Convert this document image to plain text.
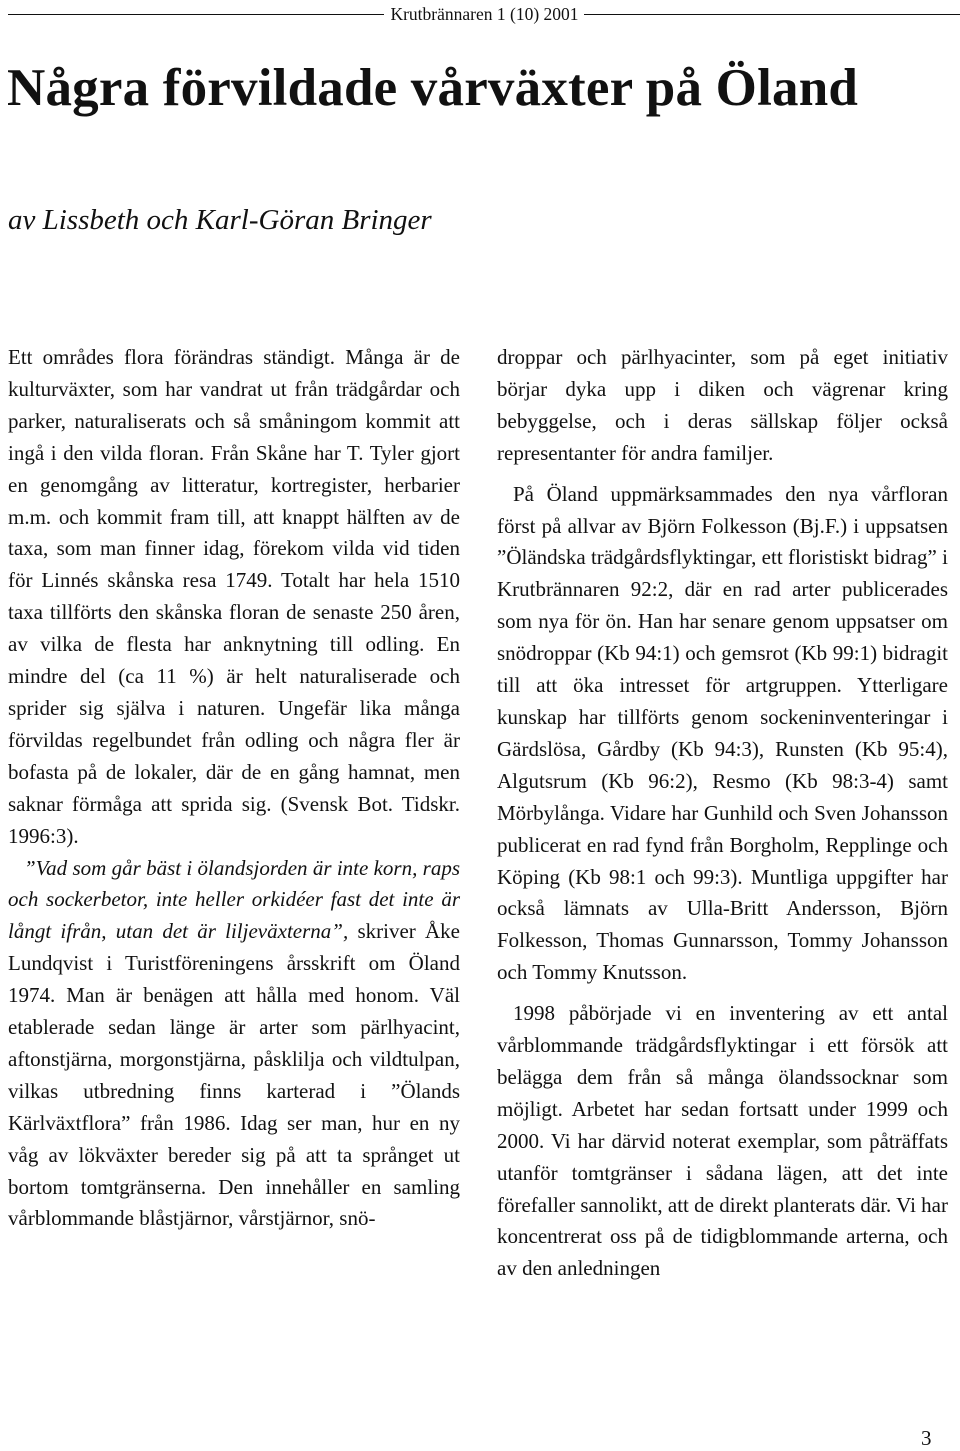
Krutbrännaren 1 (10) 2001
Några förvildade vårväxter på Öland

av Lissbeth och Karl-Göran Bringer

Ett områdes flora förändras ständigt. Många är de kulturväxter, som har vandrat ut från trädgårdar och parker, naturaliserats och så småningom kommit att ingå i den vilda floran. Från Skåne har T. Tyler gjort en genomgång av litteratur, kortregister, herbarier m.m. och kommit fram till, att knappt hälften av de taxa, som man finner idag, förekom vilda vid tiden för Linnés skånska resa 1749. Totalt har hela 1510 taxa tillförts den skånska floran de senaste 250 åren, av vilka de flesta har anknytning till odling. En mindre del (ca 11 %) är helt naturaliserade och sprider sig själva i naturen. Ungefär lika många förvildas regelbundet från odling och några fler är bofasta på de lokaler, där de en gång hamnat, men saknar förmåga att sprida sig. (Svensk Bot. Tidskr. 1996:3).

”Vad som går bäst i ölandsjorden är inte korn, raps och sockerbetor, inte heller orkidéer fast det inte är långt ifrån, utan det är liljeväxterna”, skriver Åke Lundqvist i Turistföreningens årsskrift om Öland 1974. Man är benägen att hålla med honom. Väl etablerade sedan länge är arter som pärlhyacint, aftonstjärna, morgonstjärna, påsklilja och vildtulpan, vilkas utbredning finns karterad i ”Ölands Kärlväxtflora” från 1986. Idag ser man, hur en ny våg av lökväxter bereder sig på att ta språnget ut bortom tomtgränserna. Den innehåller en samling vårblommande blåstjärnor, vårstjärnor, snö-

droppar och pärlhyacinter, som på eget initiativ börjar dyka upp i diken och vägrenar kring bebyggelse, och i deras sällskap följer också representanter för andra familjer.

På Öland uppmärksammades den nya vårfloran först på allvar av Björn Folkesson (Bj.F.) i uppsatsen ”Öländska trädgårdsflyktingar, ett floristiskt bidrag” i Krutbrännaren 92:2, där en rad arter publicerades som nya för ön. Han har senare genom uppsatser om snödroppar (Kb 94:1) och gemsrot (Kb 99:1) bidragit till att öka intresset för artgruppen. Ytterligare kunskap har tillförts genom sockeninventeringar i Gärdslösa, Gårdby (Kb 94:3), Runsten (Kb 95:4), Algutsrum (Kb 96:2), Resmo (Kb 98:3-4) samt Mörbylånga. Vidare har Gunhild och Sven Johansson publicerat en rad fynd från Borgholm, Repplinge och Köping (Kb 98:1 och 99:3). Muntliga uppgifter har också lämnats av Ulla-Britt Andersson, Björn Folkesson, Thomas Gunnarsson, Tommy Johansson och Tommy Knutsson.

1998 påbörjade vi en inventering av ett antal vårblommande trädgårdsflyktingar i ett försök att belägga dem från så många ölandssocknar som möjligt. Arbetet har sedan fortsatt under 1999 och 2000. Vi har därvid noterat exemplar, som påträffats utanför tomtgränser i sådana lägen, att det inte förefaller sannolikt, att de direkt planterats där. Vi har koncentrerat oss på de tidigblommande arterna, och av den anledningen

3
